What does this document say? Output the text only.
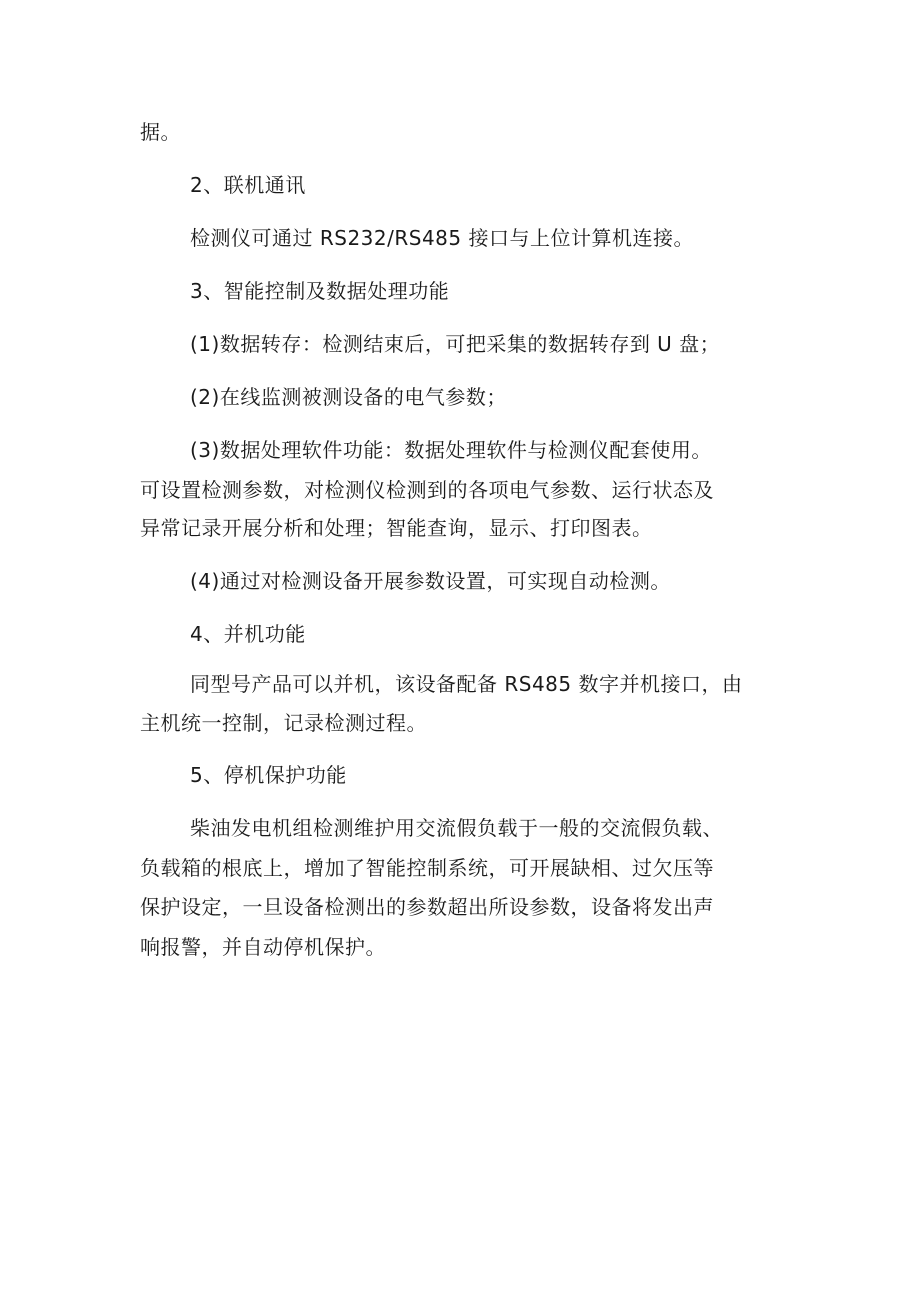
据。
2、联机通讯
检测仪可通过 RS232/RS485 接口与上位计算机连接。
3、智能控制及数据处理功能
(1)数据转存：检测结束后，可把采集的数据转存到 U 盘；
(2)在线监测被测设备的电气参数；
(3)数据处理软件功能：数据处理软件与检测仪配套使用。
可设置检测参数，对检测仪检测到的各项电气参数、运行状态及
异常记录开展分析和处理；智能查询，显示、打印图表。
(4)通过对检测设备开展参数设置，可实现自动检测。
4、并机功能
同型号产品可以并机，该设备配备 RS485 数字并机接口，由
主机统一控制，记录检测过程。
5、停机保护功能
柴油发电机组检测维护用交流假负载于一般的交流假负载、
负载箱的根底上，增加了智能控制系统，可开展缺相、过欠压等
保护设定，一旦设备检测出的参数超出所设参数，设备将发出声
响报警，并自动停机保护。
